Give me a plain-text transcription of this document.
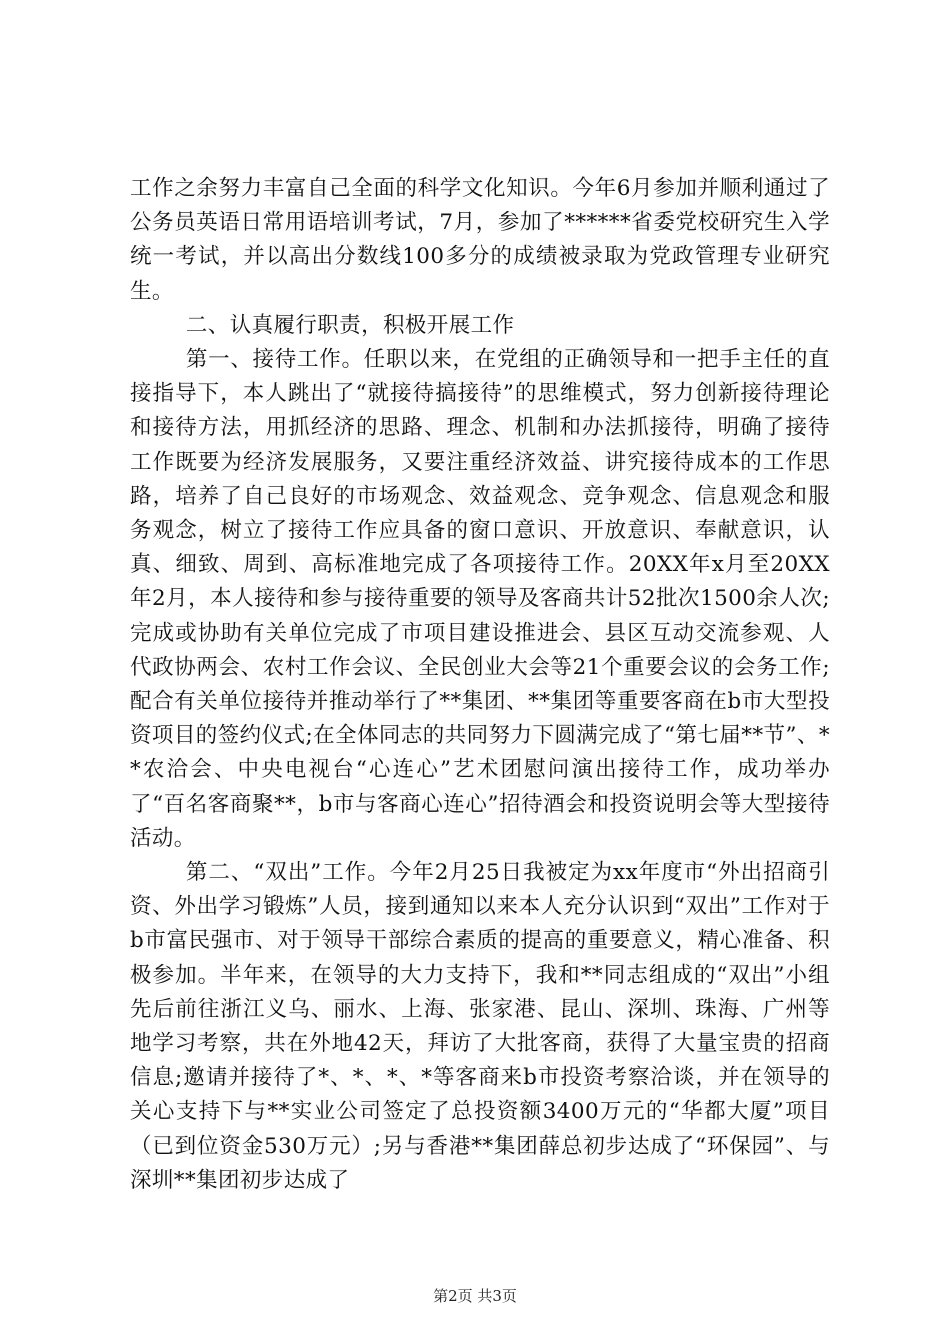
工作之余努力丰富自己全面的科学文化知识。今年6月参加并顺利通过了公务员英语日常用语培训考试，7月，参加了******省委党校研究生入学统一考试，并以高出分数线100多分的成绩被录取为党政管理专业研究生。

二、认真履行职责，积极开展工作

第一、接待工作。任职以来，在党组的正确领导和一把手主任的直接指导下，本人跳出了“就接待搞接待”的思维模式，努力创新接待理论和接待方法，用抓经济的思路、理念、机制和办法抓接待，明确了接待工作既要为经济发展服务，又要注重经济效益、讲究接待成本的工作思路，培养了自己良好的市场观念、效益观念、竞争观念、信息观念和服务观念，树立了接待工作应具备的窗口意识、开放意识、奉献意识，认真、细致、周到、高标准地完成了各项接待工作。20XX年x月至20XX年2月，本人接待和参与接待重要的领导及客商共计52批次1500余人次;完成或协助有关单位完成了市项目建设推进会、县区互动交流参观、人代政协两会、农村工作会议、全民创业大会等21个重要会议的会务工作;配合有关单位接待并推动举行了**集团、**集团等重要客商在b市大型投资项目的签约仪式;在全体同志的共同努力下圆满完成了“第七届**节”、**农洽会、中央电视台“心连心”艺术团慰问演出接待工作，成功举办了“百名客商聚**，b市与客商心连心”招待酒会和投资说明会等大型接待活动。

第二、“双出”工作。今年2月25日我被定为xx年度市“外出招商引资、外出学习锻炼”人员，接到通知以来本人充分认识到“双出”工作对于b市富民强市、对于领导干部综合素质的提高的重要意义，精心准备、积极参加。半年来，在领导的大力支持下，我和**同志组成的“双出”小组先后前往浙江义乌、丽水、上海、张家港、昆山、深圳、珠海、广州等地学习考察，共在外地42天，拜访了大批客商，获得了大量宝贵的招商信息;邀请并接待了*、*、*、*等客商来b市投资考察洽谈，并在领导的关心支持下与**实业公司签定了总投资额3400万元的“华都大厦”项目（已到位资金530万元）;另与香港**集团薛总初步达成了“环保园”、与深圳**集团初步达成了

第2页 共3页
